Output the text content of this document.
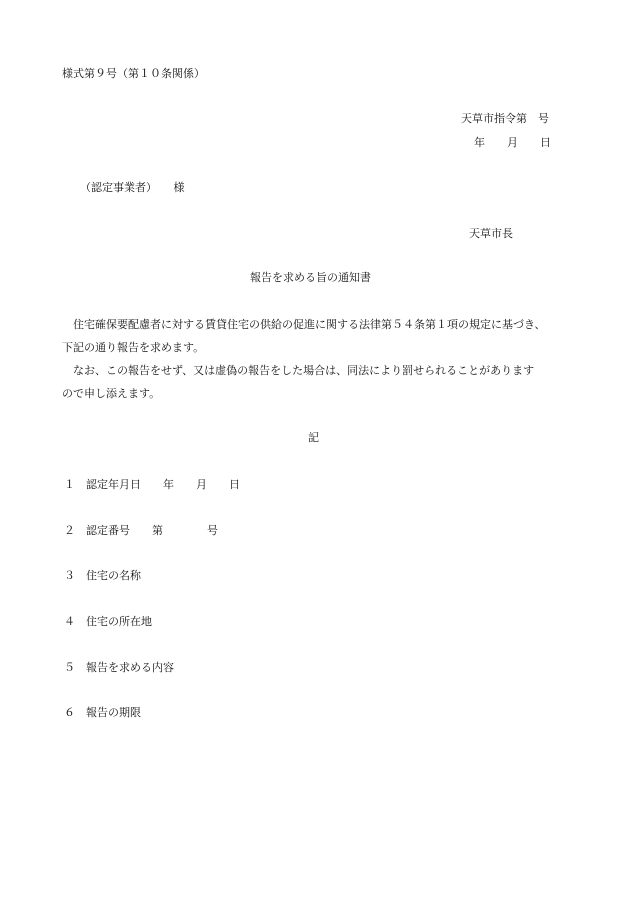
様式第９号（第１０条関係）
天草市指令第　号
年　　月　　日
（認定事業者）　　様
天草市長
報告を求める旨の通知書
　住宅確保要配慮者に対する賃貸住宅の供給の促進に関する法律第５４条第１項の規定に基づき、
下記の通り報告を求めます。
　なお、この報告をせず、又は虚偽の報告をした場合は、同法により罰せられることがあります
ので申し添えます。
記
１ 認定年月日　　年　　月　　日
２ 認定番号　　第　　　　号
３ 住宅の名称
４ 住宅の所在地
５ 報告を求める内容
６ 報告の期限
